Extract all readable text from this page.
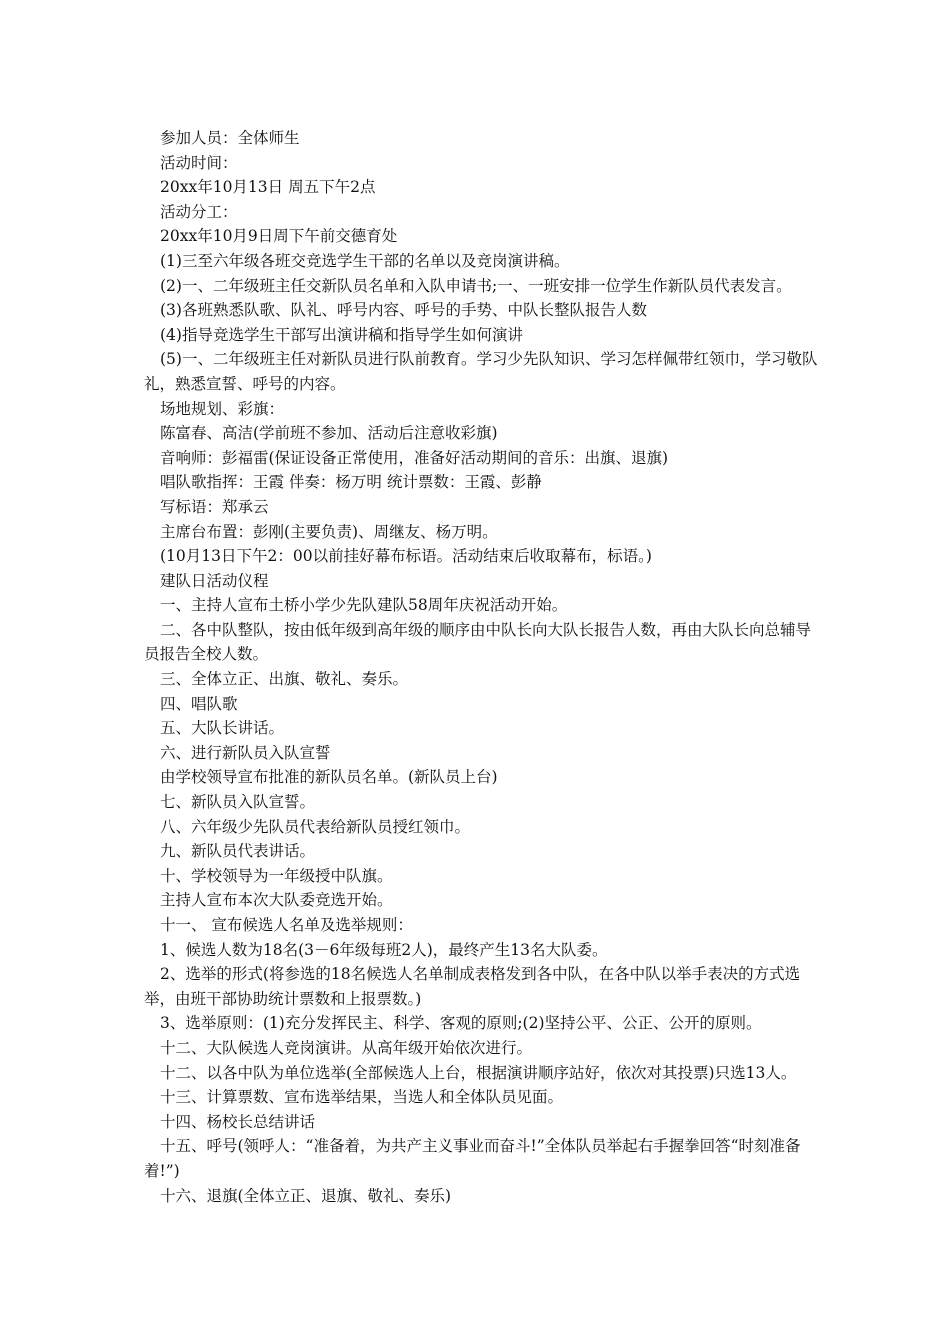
参加人员：全体师生

活动时间：

20xx年10月13日 周五下午2点

活动分工：

20xx年10月9日周下午前交德育处

(1)三至六年级各班交竞选学生干部的名单以及竞岗演讲稿。

(2)一、二年级班主任交新队员名单和入队申请书;一、一班安排一位学生作新队员代表发言。

(3)各班熟悉队歌、队礼、呼号内容、呼号的手势、中队长整队报告人数

(4)指导竞选学生干部写出演讲稿和指导学生如何演讲

(5)一、二年级班主任对新队员进行队前教育。学习少先队知识、学习怎样佩带红领巾，学习敬队礼，熟悉宣誓、呼号的内容。

场地规划、彩旗：

陈富春、高洁(学前班不参加、活动后注意收彩旗)

音响师：彭福雷(保证设备正常使用，准备好活动期间的音乐：出旗、退旗)

唱队歌指挥：王霞 伴奏：杨万明 统计票数：王霞、彭静

写标语：郑承云

主席台布置：彭刚(主要负责)、周继友、杨万明。

(10月13日下午2：00以前挂好幕布标语。活动结束后收取幕布，标语。)

建队日活动仪程

一、主持人宣布土桥小学少先队建队58周年庆祝活动开始。

二、各中队整队，按由低年级到高年级的顺序由中队长向大队长报告人数，再由大队长向总辅导员报告全校人数。

三、全体立正、出旗、敬礼、奏乐。

四、唱队歌

五、大队长讲话。

六、进行新队员入队宣誓

由学校领导宣布批准的新队员名单。(新队员上台)

七、新队员入队宣誓。

八、六年级少先队员代表给新队员授红领巾。

九、新队员代表讲话。

十、学校领导为一年级授中队旗。

主持人宣布本次大队委竞选开始。

十一、 宣布候选人名单及选举规则：

1、候选人数为18名(3－6年级每班2人)，最终产生13名大队委。

2、选举的形式(将参选的18名候选人名单制成表格发到各中队，在各中队以举手表决的方式选举，由班干部协助统计票数和上报票数。)

3、选举原则：(1)充分发挥民主、科学、客观的原则;(2)坚持公平、公正、公开的原则。

十二、大队候选人竞岗演讲。从高年级开始依次进行。

十二、以各中队为单位选举(全部候选人上台，根据演讲顺序站好，依次对其投票)只选13人。

十三、计算票数、宣布选举结果，当选人和全体队员见面。

十四、杨校长总结讲话

十五、呼号(领呼人：“准备着，为共产主义事业而奋斗!”全体队员举起右手握拳回答“时刻准备着!”)

十六、退旗(全体立正、退旗、敬礼、奏乐)
